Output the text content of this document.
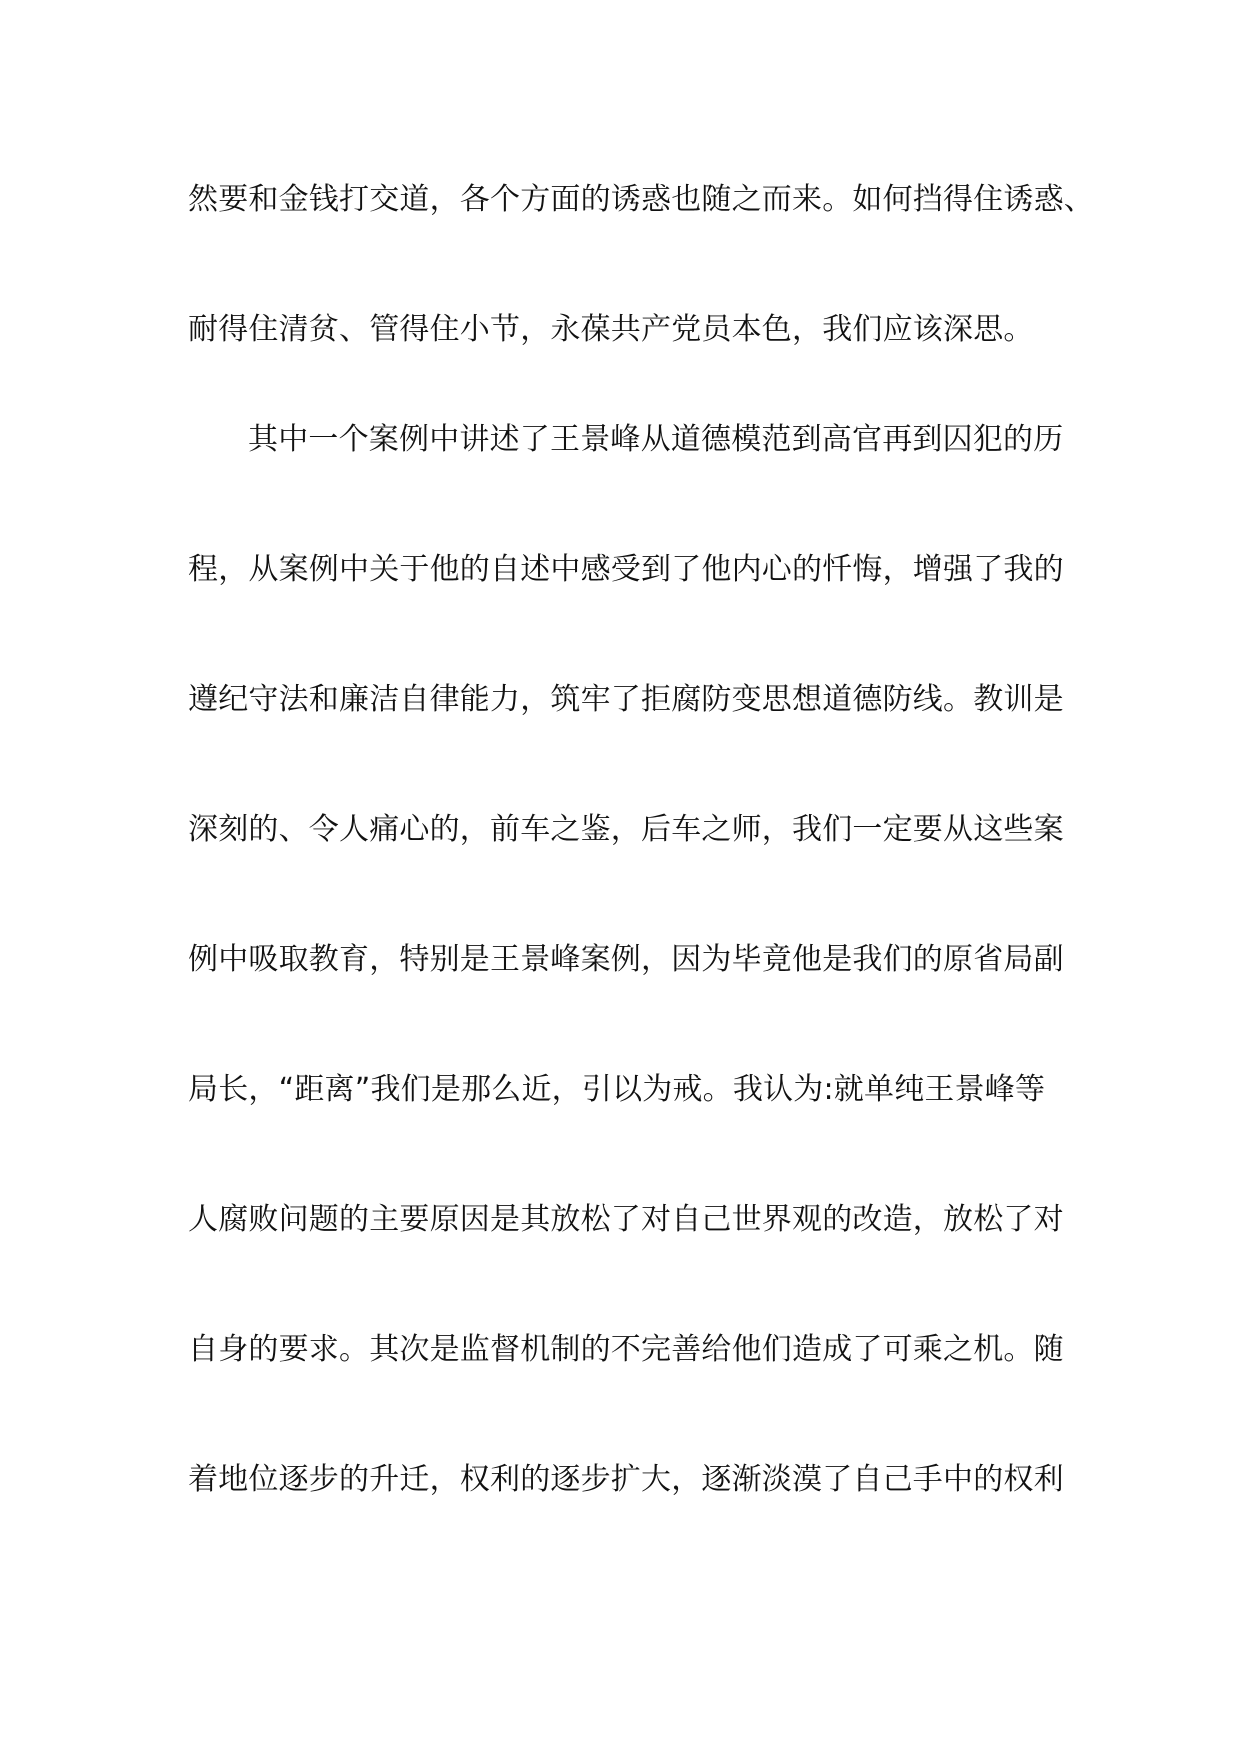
然要和金钱打交道，各个方面的诱惑也随之而来。如何挡得住诱惑、
耐得住清贫、管得住小节，永葆共产党员本色，我们应该深思。
其中一个案例中讲述了王景峰从道德模范到高官再到囚犯的历
程，从案例中关于他的自述中感受到了他内心的忏悔，增强了我的
遵纪守法和廉洁自律能力，筑牢了拒腐防变思想道德防线。教训是
深刻的、令人痛心的，前车之鉴，后车之师，我们一定要从这些案
例中吸取教育，特别是王景峰案例，因为毕竟他是我们的原省局副
局长，“距离”我们是那么近，引以为戒。我认为:就单纯王景峰等
人腐败问题的主要原因是其放松了对自己世界观的改造，放松了对
自身的要求。其次是监督机制的不完善给他们造成了可乘之机。随
着地位逐步的升迁，权利的逐步扩大，逐渐淡漠了自己手中的权利
